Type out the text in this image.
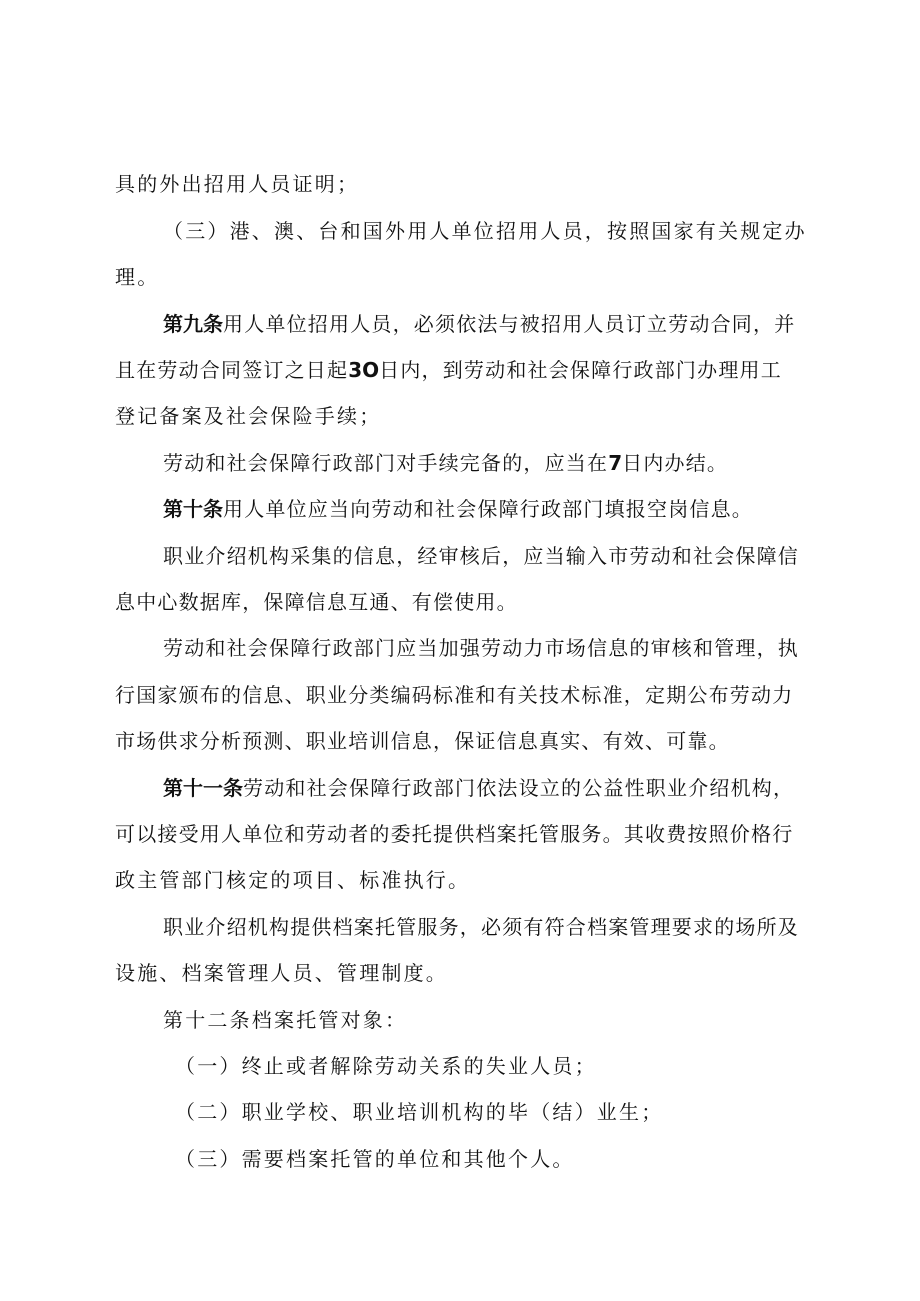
具的外出招用人员证明；
（三）港、澳、台和国外用人单位招用人员，按照国家有关规定办
理。
第九条用人单位招用人员，必须依法与被招用人员订立劳动合同，并
且在劳动合同签订之日起3O日内，到劳动和社会保障行政部门办理用工
登记备案及社会保险手续；
劳动和社会保障行政部门对手续完备的，应当在7日内办结。
第十条用人单位应当向劳动和社会保障行政部门填报空岗信息。
职业介绍机构采集的信息，经审核后，应当输入市劳动和社会保障信
息中心数据库，保障信息互通、有偿使用。
劳动和社会保障行政部门应当加强劳动力市场信息的审核和管理，执
行国家颁布的信息、职业分类编码标准和有关技术标准，定期公布劳动力
市场供求分析预测、职业培训信息，保证信息真实、有效、可靠。
第十一条劳动和社会保障行政部门依法设立的公益性职业介绍机构，
可以接受用人单位和劳动者的委托提供档案托管服务。其收费按照价格行
政主管部门核定的项目、标准执行。
职业介绍机构提供档案托管服务，必须有符合档案管理要求的场所及
设施、档案管理人员、管理制度。
第十二条档案托管对象：
（一）终止或者解除劳动关系的失业人员；
（二）职业学校、职业培训机构的毕（结）业生；
（三）需要档案托管的单位和其他个人。
